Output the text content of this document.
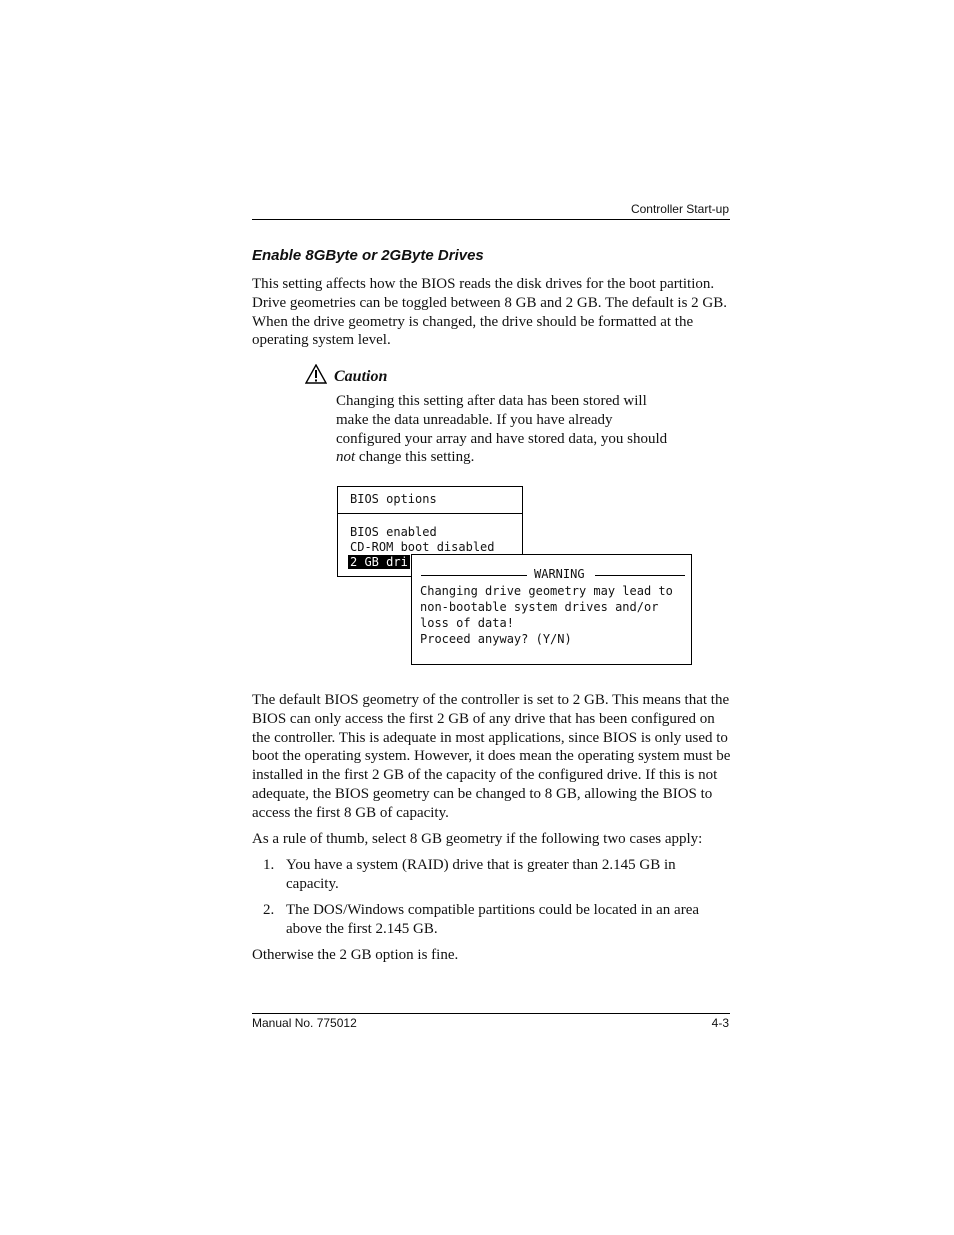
Controller Start-up
Enable 8GByte or 2GByte Drives

This setting affects how the BIOS reads the disk drives for the boot partition. Drive geometries can be toggled between 8 GB and 2 GB. The default is 2 GB. When the drive geometry is changed, the drive should be formatted at the operating system level.

Caution

Changing this setting after data has been stored will make the data unreadable. If you have already configured your array and have stored data, you should not change this setting.

BIOS options
BIOS enabled
CD-ROM boot disabled
2 GB dri
WARNING
Changing drive geometry may lead to
non-bootable system drives and/or
loss of data!
Proceed anyway? (Y/N)

The default BIOS geometry of the controller is set to 2 GB. This means that the BIOS can only access the first 2 GB of any drive that has been configured on the controller. This is adequate in most applications, since BIOS is only used to boot the operating system. However, it does mean the operating system must be installed in the first 2 GB of the capacity of the configured drive. If this is not adequate, the BIOS geometry can be changed to 8 GB, allowing the BIOS to access the first 8 GB of capacity.

As a rule of thumb, select 8 GB geometry if the following two cases apply:

1. You have a system (RAID) drive that is greater than 2.145 GB in capacity.

2. The DOS/Windows compatible partitions could be located in an area above the first 2.145 GB.

Otherwise the 2 GB option is fine.

Manual No. 775012	4-3
